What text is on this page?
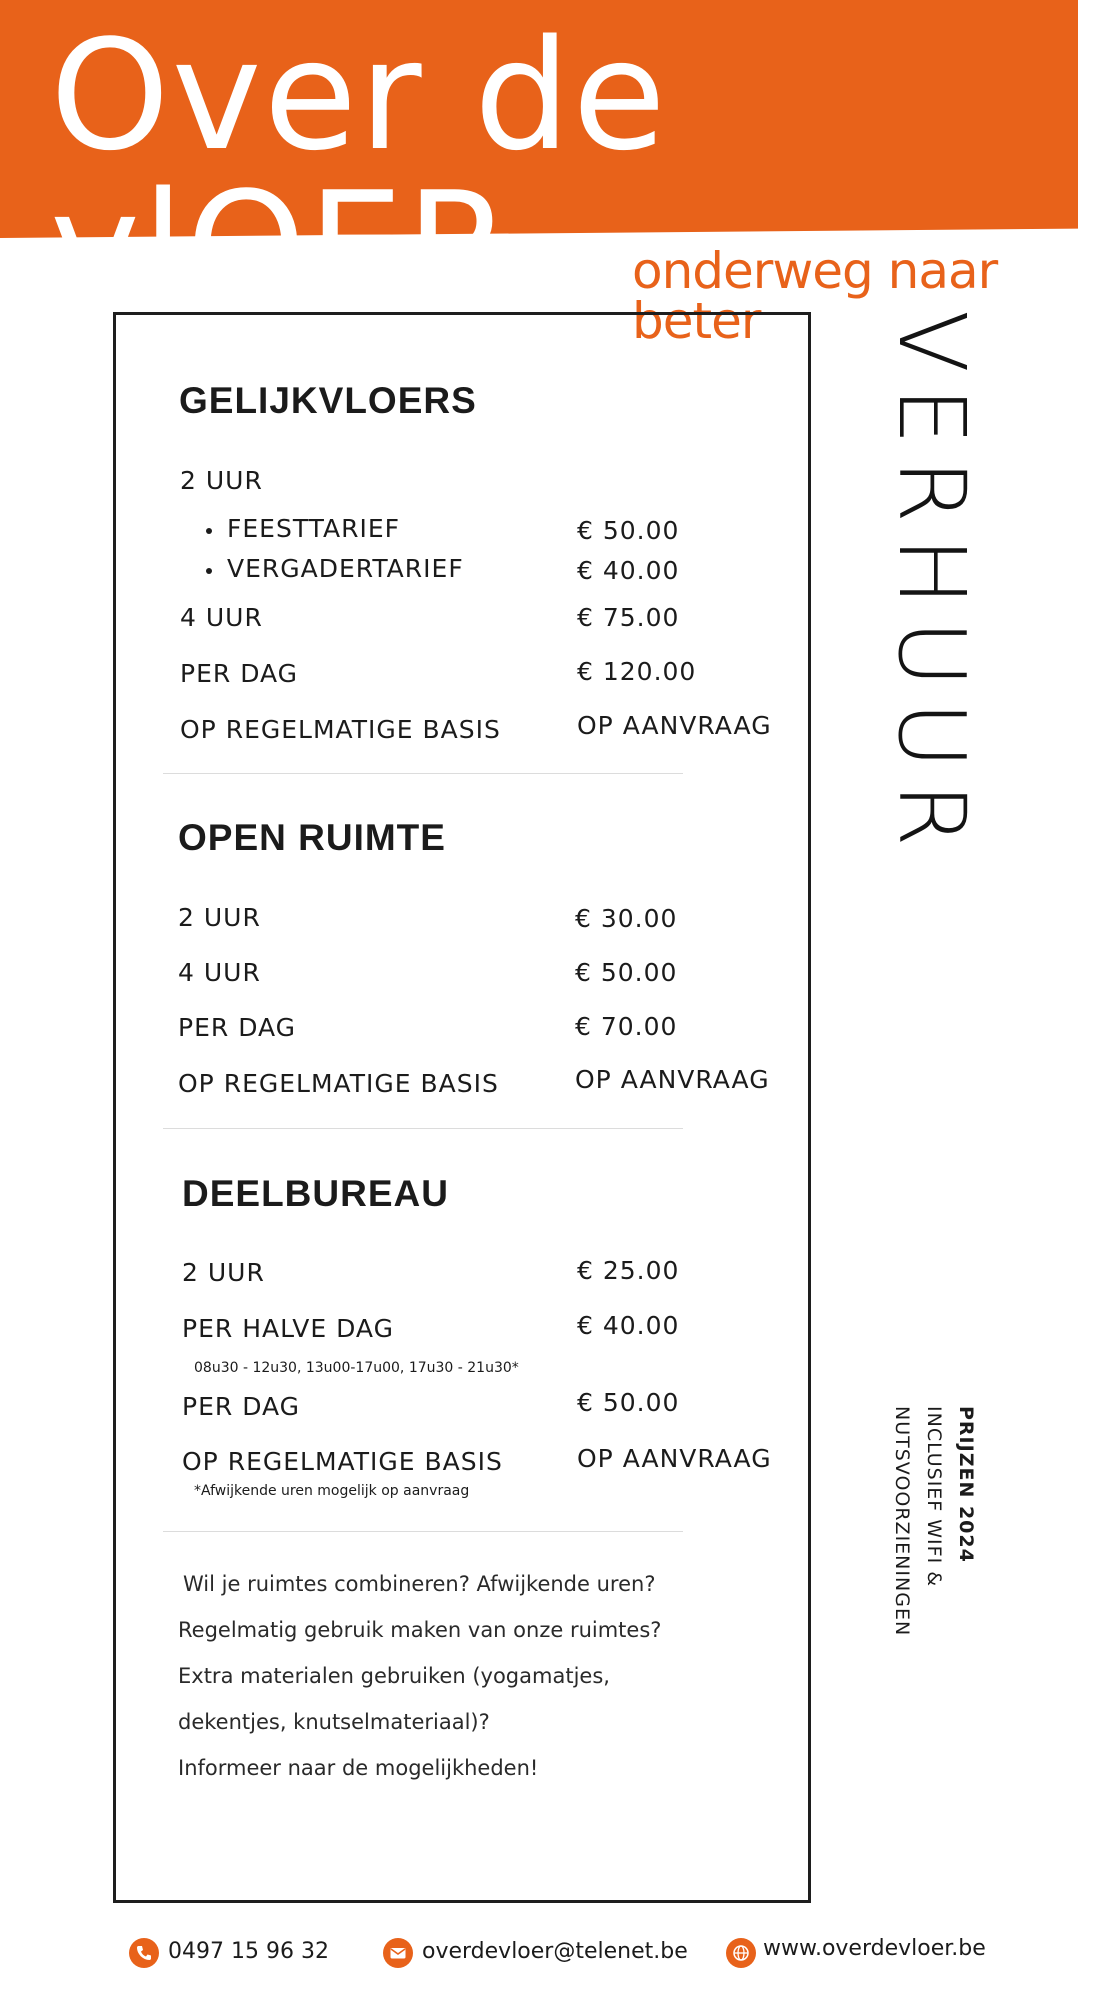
Over de vlOER	onderweg naar beter	VERHUUR
PRIJZEN 2024
INCLUSIEF WIFI &
NUTSVOORZIENINGEN
GELIJKVLOERS
2 UUR
FEESTTARIEF	€ 50.00
VERGADERTARIEF	€ 40.00
4 UUR	€ 75.00
PER DAG	€ 120.00
OP REGELMATIGE BASIS	OP AANVRAAG
OPEN RUIMTE
2 UUR	€ 30.00
4 UUR	€ 50.00
PER DAG	€ 70.00
OP REGELMATIGE BASIS	OP AANVRAAG
DEELBUREAU
2 UUR	€ 25.00
PER HALVE DAG	€ 40.00
08u30 - 12u30, 13u00-17u00, 17u30 - 21u30*
PER DAG	€ 50.00
OP REGELMATIGE BASIS	OP AANVRAAG
*Afwijkende uren mogelijk op aanvraag
Wil je ruimtes combineren? Afwijkende uren?
Regelmatig gebruik maken van onze ruimtes?
Extra materialen gebruiken (yogamatjes,
dekentjes, knutselmateriaal)?
Informeer naar de mogelijkheden!
0497 15 96 32	overdevloer@telenet.be	www.overdevloer.be
